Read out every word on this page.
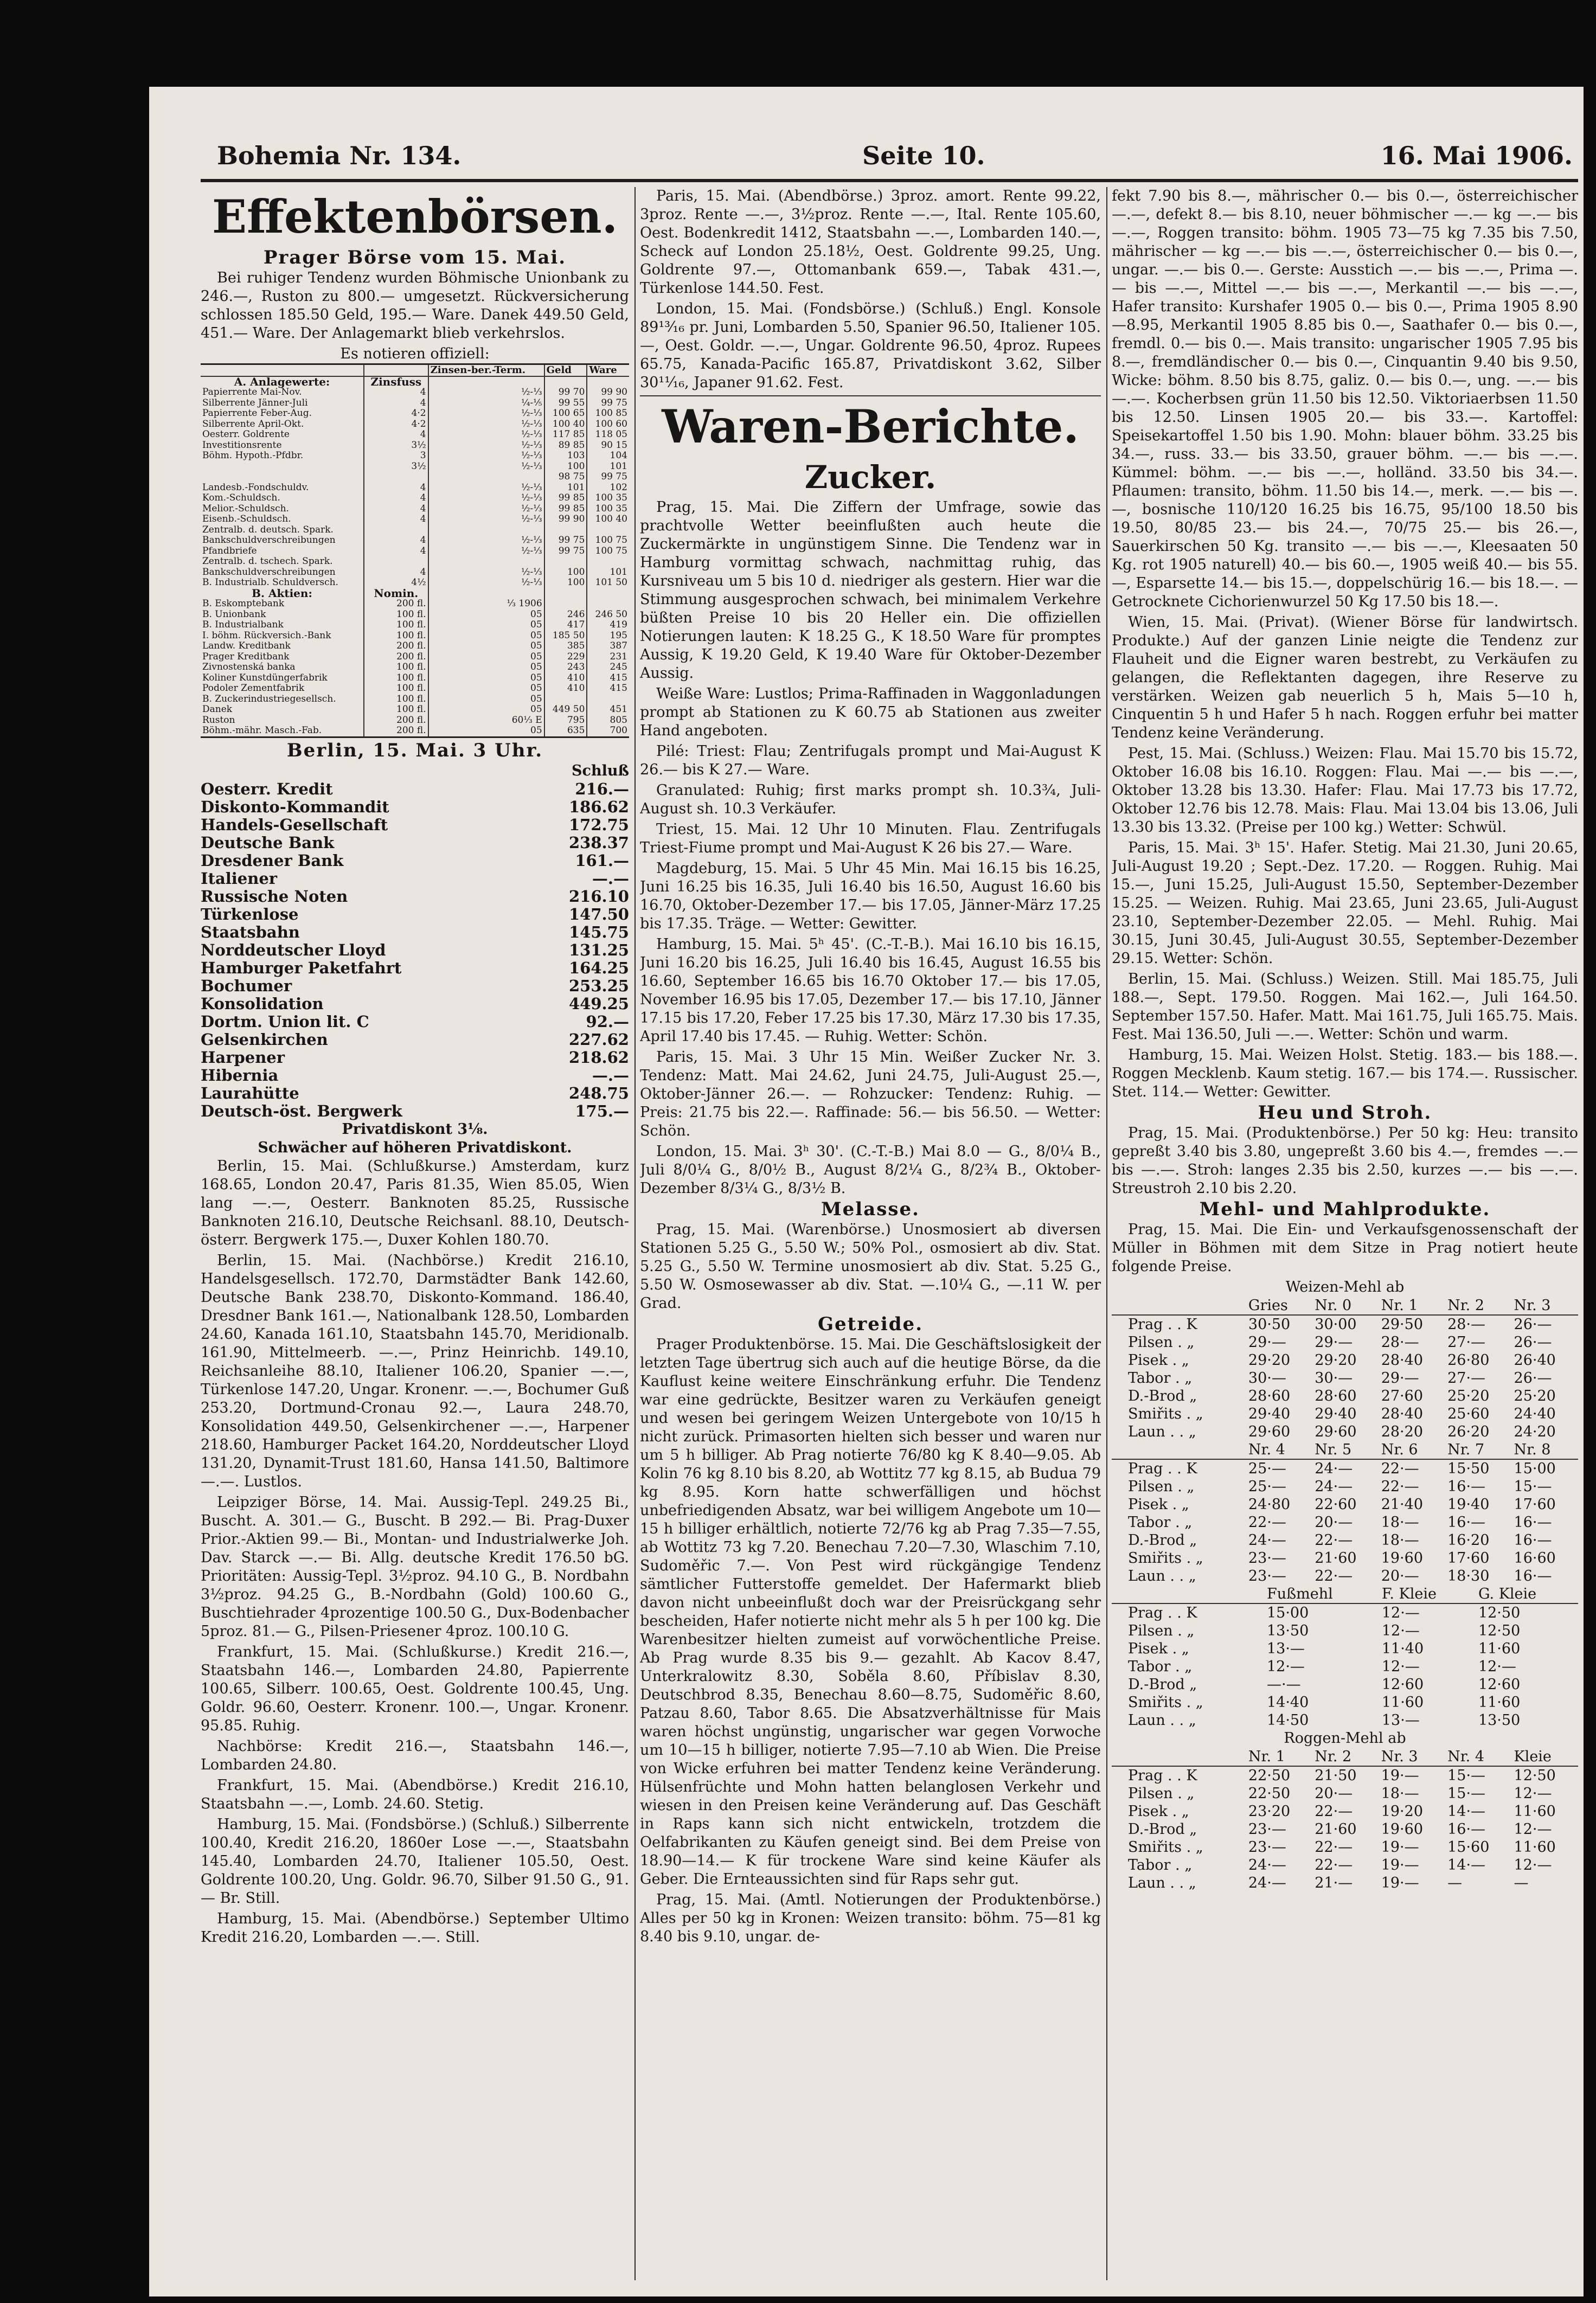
Bohemia Nr. 134.	Seite 10.	16. Mai 1906.
Effektenbörsen.
Prager Börse vom 15. Mai.

Bei ruhiger Tendenz wurden Böhmische Unionbank zu 246.—, Ruston zu 800.— umgesetzt. Rückversicherung schlossen 185.50 Geld, 195.— Ware. Danek 449.50 Geld, 451.— Ware. Der Anlagemarkt blieb verkehrslos.

Es notieren offiziell:
		Zinsen-ber.-Term.	Geld	Ware
A. Anlagewerte:	Zinsfuss			
Papierrente Mai-Nov.	4	½-⅓	99 70	99 90
Silberrente Jänner-Juli	4	¼-⅕	99 55	99 75
Papierrente Feber-Aug.	4·2	½-⅓	100 65	100 85
Silberrente April-Okt.	4·2	½-⅓	100 40	100 60
Oesterr. Goldrente	4	½-⅓	117 85	118 05
Investitionsrente	3½	½-⅓	89 85	90 15
Böhm. Hypoth.-Pfdbr.	3	½-⅓	103	104
	3½	½-⅓	100	101
			98 75	99 75
Landesb.-Fondschuldv.	4	½-⅓	101	102
Kom.-Schuldsch.	4	½-⅓	99 85	100 35
Melior.-Schuldsch.	4	½-⅓	99 85	100 35
Eisenb.-Schuldsch.	4	½-⅓	99 90	100 40
Zentralb. d. deutsch. Spark.				
Bankschuldverschreibungen	4	½-⅓	99 75	100 75
Pfandbriefe	4	½-⅓	99 75	100 75
Zentralb. d. tschech. Spark.				
Bankschuldverschreibungen	4	½-⅓	100	101
B. Industrialb. Schuldversch.	4½	½-⅓	100	101 50
B. Aktien:	Nomin.			
B. Eskomptebank	200 fl.	⅓ 1906		
B. Unionbank	100 fl.	05	246	246 50
B. Industrialbank	100 fl.	05	417	419
I. böhm. Rückversich.-Bank	100 fl.	05	185 50	195
Landw. Kreditbank	200 fl.	05	385	387
Prager Kreditbank	200 fl.	05	229	231
Zivnostenská banka	100 fl.	05	243	245
Koliner Kunstdüngerfabrik	100 fl.	05	410	415
Podoler Zementfabrik	100 fl.	05	410	415
B. Zuckerindustriegesellsch.	100 fl.	05		
Danek	100 fl.	05	449 50	451
Ruston	200 fl.	60⅓ E	795	805
Böhm.-mähr. Masch.-Fab.	200 fl.	05	635	700
Berlin, 15. Mai. 3 Uhr.
Schluß
Oesterr. Kredit	216.—
Diskonto-Kommandit	186.62
Handels-Gesellschaft	172.75
Deutsche Bank	238.37
Dresdener Bank	161.—
Italiener	—.—
Russische Noten	216.10
Türkenlose	147.50
Staatsbahn	145.75
Norddeutscher Lloyd	131.25
Hamburger Paketfahrt	164.25
Bochumer	253.25
Konsolidation	449.25
Dortm. Union lit. C	92.—
Gelsenkirchen	227.62
Harpener	218.62
Hibernia	—.—
Laurahütte	248.75
Deutsch-öst. Bergwerk	175.—
Privatdiskont 3⅛.
Schwächer auf höheren Privatdiskont.

Berlin, 15. Mai. (Schlußkurse.) Amsterdam, kurz 168.65, London 20.47, Paris 81.35, Wien 85.05, Wien lang —.—, Oesterr. Banknoten 85.25, Russische Banknoten 216.10, Deutsche Reichsanl. 88.10, Deutsch-österr. Bergwerk 175.—, Duxer Kohlen 180.70.

Berlin, 15. Mai. (Nachbörse.) Kredit 216.10, Handelsgesellsch. 172.70, Darmstädter Bank 142.60, Deutsche Bank 238.70, Diskonto-Kommand. 186.40, Dresdner Bank 161.—, Nationalbank 128.50, Lombarden 24.60, Kanada 161.10, Staatsbahn 145.70, Meridionalb. 161.90, Mittelmeerb. —.—, Prinz Heinrichb. 149.10, Reichsanleihe 88.10, Italiener 106.20, Spanier —.—, Türkenlose 147.20, Ungar. Kronenr. —.—, Bochumer Guß 253.20, Dortmund-Cronau 92.—, Laura 248.70, Konsolidation 449.50, Gelsenkirchener —.—, Harpener 218.60, Hamburger Packet 164.20, Norddeutscher Lloyd 131.20, Dynamit-Trust 181.60, Hansa 141.50, Baltimore —.—. Lustlos.

Leipziger Börse, 14. Mai. Aussig-Tepl. 249.25 Bi., Buscht. A. 301.— G., Buscht. B 292.— Bi. Prag-Duxer Prior.-Aktien 99.— Bi., Montan- und Industrialwerke Joh. Dav. Starck —.— Bi. Allg. deutsche Kredit 176.50 bG. Prioritäten: Aussig-Tepl. 3½proz. 94.10 G., B. Nordbahn 3½proz. 94.25 G., B.-Nordbahn (Gold) 100.60 G., Buschtiehrader 4prozentige 100.50 G., Dux-Bodenbacher 5proz. 81.— G., Pilsen-Priesener 4proz. 100.10 G.

Frankfurt, 15. Mai. (Schlußkurse.) Kredit 216.—, Staatsbahn 146.—, Lombarden 24.80, Papierrente 100.65, Silberr. 100.65, Oest. Goldrente 100.45, Ung. Goldr. 96.60, Oesterr. Kronenr. 100.—, Ungar. Kronenr. 95.85. Ruhig.

Nachbörse: Kredit 216.—, Staatsbahn 146.—, Lombarden 24.80.

Frankfurt, 15. Mai. (Abendbörse.) Kredit 216.10, Staatsbahn —.—, Lomb. 24.60. Stetig.

Hamburg, 15. Mai. (Fondsbörse.) (Schluß.) Silberrente 100.40, Kredit 216.20, 1860er Lose —.—, Staatsbahn 145.40, Lombarden 24.70, Italiener 105.50, Oest. Goldrente 100.20, Ung. Goldr. 96.70, Silber 91.50 G., 91.— Br. Still.

Hamburg, 15. Mai. (Abendbörse.) September Ultimo Kredit 216.20, Lombarden —.—. Still.

Paris, 15. Mai. (Abendbörse.) 3proz. amort. Rente 99.22, 3proz. Rente —.—, 3½proz. Rente —.—, Ital. Rente 105.60, Oest. Bodenkredit 1412, Staatsbahn —.—, Lombarden 140.—, Scheck auf London 25.18½, Oest. Goldrente 99.25, Ung. Goldrente 97.—, Ottomanbank 659.—, Tabak 431.—, Türkenlose 144.50. Fest.

London, 15. Mai. (Fondsbörse.) (Schluß.) Engl. Konsole 89¹³⁄₁₆ pr. Juni, Lombarden 5.50, Spanier 96.50, Italiener 105.—, Oest. Goldr. —.—, Ungar. Goldrente 96.50, 4proz. Rupees 65.75, Kanada-Pacific 165.87, Privatdiskont 3.62, Silber 30¹¹⁄₁₆, Japaner 91.62. Fest.

Waren-Berichte.
Zucker.

Prag, 15. Mai. Die Ziffern der Umfrage, sowie das prachtvolle Wetter beeinflußten auch heute die Zuckermärkte in ungünstigem Sinne. Die Tendenz war in Hamburg vormittag schwach, nachmittag ruhig, das Kursniveau um 5 bis 10 d. niedriger als gestern. Hier war die Stimmung ausgesprochen schwach, bei minimalem Verkehre büßten Preise 10 bis 20 Heller ein. Die offiziellen Notierungen lauten: K 18.25 G., K 18.50 Ware für promptes Aussig, K 19.20 Geld, K 19.40 Ware für Oktober-Dezember Aussig.

Weiße Ware: Lustlos; Prima-Raffinaden in Waggonladungen prompt ab Stationen zu K 60.75 ab Stationen aus zweiter Hand angeboten.

Pilé: Triest: Flau; Zentrifugals prompt und Mai-August K 26.— bis K 27.— Ware.

Granulated: Ruhig; first marks prompt sh. 10.3¾, Juli-August sh. 10.3 Verkäufer.

Triest, 15. Mai. 12 Uhr 10 Minuten. Flau. Zentrifugals Triest-Fiume prompt und Mai-August K 26 bis 27.— Ware.

Magdeburg, 15. Mai. 5 Uhr 45 Min. Mai 16.15 bis 16.25, Juni 16.25 bis 16.35, Juli 16.40 bis 16.50, August 16.60 bis 16.70, Oktober-Dezember 17.— bis 17.05, Jänner-März 17.25 bis 17.35. Träge. — Wetter: Gewitter.

Hamburg, 15. Mai. 5ʰ 45'. (C.-T.-B.). Mai 16.10 bis 16.15, Juni 16.20 bis 16.25, Juli 16.40 bis 16.45, August 16.55 bis 16.60, September 16.65 bis 16.70 Oktober 17.— bis 17.05, November 16.95 bis 17.05, Dezember 17.— bis 17.10, Jänner 17.15 bis 17.20, Feber 17.25 bis 17.30, März 17.30 bis 17.35, April 17.40 bis 17.45. — Ruhig. Wetter: Schön.

Paris, 15. Mai. 3 Uhr 15 Min. Weißer Zucker Nr. 3. Tendenz: Matt. Mai 24.62, Juni 24.75, Juli-August 25.—, Oktober-Jänner 26.—. — Rohzucker: Tendenz: Ruhig. — Preis: 21.75 bis 22.—. Raffinade: 56.— bis 56.50. — Wetter: Schön.

London, 15. Mai. 3ʰ 30'. (C.-T.-B.) Mai 8.0 — G., 8/0¼ B., Juli 8/0¼ G., 8/0½ B., August 8/2¼ G., 8/2¾ B., Oktober-Dezember 8/3¼ G., 8/3½ B.

Melasse.

Prag, 15. Mai. (Warenbörse.) Unosmosiert ab diversen Stationen 5.25 G., 5.50 W.; 50% Pol., osmosiert ab div. Stat. 5.25 G., 5.50 W. Termine unosmosiert ab div. Stat. 5.25 G., 5.50 W. Osmosewasser ab div. Stat. —.10¼ G., —.11 W. per Grad.

Getreide.

Prager Produktenbörse. 15. Mai. Die Geschäftslosigkeit der letzten Tage übertrug sich auch auf die heutige Börse, da die Kauflust keine weitere Einschränkung erfuhr. Die Tendenz war eine gedrückte, Besitzer waren zu Verkäufen geneigt und wesen bei geringem Weizen Untergebote von 10/15 h nicht zurück. Primasorten hielten sich besser und waren nur um 5 h billiger. Ab Prag notierte 76/80 kg K 8.40—9.05. Ab Kolin 76 kg 8.10 bis 8.20, ab Wottitz 77 kg 8.15, ab Budua 79 kg 8.95. Korn hatte schwerfälligen und höchst unbefriedigenden Absatz, war bei willigem Angebote um 10—15 h billiger erhältlich, notierte 72/76 kg ab Prag 7.35—7.55, ab Wottitz 73 kg 7.20. Benechau 7.20—7.30, Wlaschim 7.10, Sudoměřic 7.—. Von Pest wird rückgängige Tendenz sämtlicher Futterstoffe gemeldet. Der Hafermarkt blieb davon nicht unbeeinflußt doch war der Preisrückgang sehr bescheiden, Hafer notierte nicht mehr als 5 h per 100 kg. Die Warenbesitzer hielten zumeist auf vorwöchentliche Preise. Ab Prag wurde 8.35 bis 9.— gezahlt. Ab Kacov 8.47, Unterkralowitz 8.30, Soběla 8.60, Příbislav 8.30, Deutschbrod 8.35, Benechau 8.60—8.75, Sudoměřic 8.60, Patzau 8.60, Tabor 8.65. Die Absatzverhältnisse für Mais waren höchst ungünstig, ungarischer war gegen Vorwoche um 10—15 h billiger, notierte 7.95—7.10 ab Wien. Die Preise von Wicke erfuhren bei matter Tendenz keine Veränderung. Hülsenfrüchte und Mohn hatten belanglosen Verkehr und wiesen in den Preisen keine Veränderung auf. Das Geschäft in Raps kann sich nicht entwickeln, trotzdem die Oelfabrikanten zu Käufen geneigt sind. Bei dem Preise von 18.90—14.— K für trockene Ware sind keine Käufer als Geber. Die Ernteaussichten sind für Raps sehr gut.

Prag, 15. Mai. (Amtl. Notierungen der Produktenbörse.) Alles per 50 kg in Kronen: Weizen transito: böhm. 75—81 kg 8.40 bis 9.10, ungar. de-

fekt 7.90 bis 8.—, mährischer 0.— bis 0.—, österreichischer —.—, defekt 8.— bis 8.10, neuer böhmischer —.— kg —.— bis —.—, Roggen transito: böhm. 1905 73—75 kg 7.35 bis 7.50, mährischer — kg —.— bis —.—, österreichischer 0.— bis 0.—, ungar. —.— bis 0.—. Gerste: Ausstich —.— bis —.—, Prima —.— bis —.—, Mittel —.— bis —.—, Merkantil —.— bis —.—, Hafer transito: Kurshafer 1905 0.— bis 0.—, Prima 1905 8.90—8.95, Merkantil 1905 8.85 bis 0.—, Saathafer 0.— bis 0.—, fremdl. 0.— bis 0.—. Mais transito: ungarischer 1905 7.95 bis 8.—, fremdländischer 0.— bis 0.—, Cinquantin 9.40 bis 9.50, Wicke: böhm. 8.50 bis 8.75, galiz. 0.— bis 0.—, ung. —.— bis —.—. Kocherbsen grün 11.50 bis 12.50. Viktoriaerbsen 11.50 bis 12.50. Linsen 1905 20.— bis 33.—. Kartoffel: Speisekartoffel 1.50 bis 1.90. Mohn: blauer böhm. 33.25 bis 34.—, russ. 33.— bis 33.50, grauer böhm. —.— bis —.—. Kümmel: böhm. —.— bis —.—, holländ. 33.50 bis 34.—. Pflaumen: transito, böhm. 11.50 bis 14.—, merk. —.— bis —.—, bosnische 110/120 16.25 bis 16.75, 95/100 18.50 bis 19.50, 80/85 23.— bis 24.—, 70/75 25.— bis 26.—, Sauerkirschen 50 Kg. transito —.— bis —.—, Kleesaaten 50 Kg. rot 1905 naturell) 40.— bis 60.—, 1905 weiß 40.— bis 55.—, Esparsette 14.— bis 15.—, doppelschürig 16.— bis 18.—. — Getrocknete Cichorienwurzel 50 Kg 17.50 bis 18.—.

Wien, 15. Mai. (Privat). (Wiener Börse für landwirtsch. Produkte.) Auf der ganzen Linie neigte die Tendenz zur Flauheit und die Eigner waren bestrebt, zu Verkäufen zu gelangen, die Reflektanten dagegen, ihre Reserve zu verstärken. Weizen gab neuerlich 5 h, Mais 5—10 h, Cinquentin 5 h und Hafer 5 h nach. Roggen erfuhr bei matter Tendenz keine Veränderung.

Pest, 15. Mai. (Schluss.) Weizen: Flau. Mai 15.70 bis 15.72, Oktober 16.08 bis 16.10. Roggen: Flau. Mai —.— bis —.—, Oktober 13.28 bis 13.30. Hafer: Flau. Mai 17.73 bis 17.72, Oktober 12.76 bis 12.78. Mais: Flau. Mai 13.04 bis 13.06, Juli 13.30 bis 13.32. (Preise per 100 kg.) Wetter: Schwül.

Paris, 15. Mai. 3ʰ 15'. Hafer. Stetig. Mai 21.30, Juni 20.65, Juli-August 19.20 ; Sept.-Dez. 17.20. — Roggen. Ruhig. Mai 15.—, Juni 15.25, Juli-August 15.50, September-Dezember 15.25. — Weizen. Ruhig. Mai 23.65, Juni 23.65, Juli-August 23.10, September-Dezember 22.05. — Mehl. Ruhig. Mai 30.15, Juni 30.45, Juli-August 30.55, September-Dezember 29.15. Wetter: Schön.

Berlin, 15. Mai. (Schluss.) Weizen. Still. Mai 185.75, Juli 188.—, Sept. 179.50. Roggen. Mai 162.—, Juli 164.50. September 157.50. Hafer. Matt. Mai 161.75, Juli 165.75. Mais. Fest. Mai 136.50, Juli —.—. Wetter: Schön und warm.

Hamburg, 15. Mai. Weizen Holst. Stetig. 183.— bis 188.—. Roggen Mecklenb. Kaum stetig. 167.— bis 174.—. Russischer. Stet. 114.— Wetter: Gewitter.

Heu und Stroh.

Prag, 15. Mai. (Produktenbörse.) Per 50 kg: Heu: transito gepreßt 3.40 bis 3.80, ungepreßt 3.60 bis 4.—, fremdes —.— bis —.—. Stroh: langes 2.35 bis 2.50, kurzes —.— bis —.—. Streustroh 2.10 bis 2.20.

Mehl- und Mahlprodukte.

Prag, 15. Mai. Die Ein- und Verkaufsgenossenschaft der Müller in Böhmen mit dem Sitze in Prag notiert heute folgende Preise.

Weizen-Mehl ab
	Gries	Nr. 0	Nr. 1	Nr. 2	Nr. 3
Prag . . K	30·50	30·00	29·50	28·—	26·—
Pilsen . „	29·—	29·—	28·—	27·—	26·—
Pisek . „	29·20	29·20	28·40	26·80	26·40
Tabor . „	30·—	30·—	29·—	27·—	26·—
D.-Brod „	28·60	28·60	27·60	25·20	25·20
Smiřits . „	29·40	29·40	28·40	25·60	24·40
Laun . . „	29·60	29·60	28·20	26·20	24·20
	Nr. 4	Nr. 5	Nr. 6	Nr. 7	Nr. 8
Prag . . K	25·—	24·—	22·—	15·50	15·00
Pilsen . „	25·—	24·—	22·—	16·—	15·—
Pisek . „	24·80	22·60	21·40	19·40	17·60
Tabor . „	22·—	20·—	18·—	16·—	16·—
D.-Brod „	24·—	22·—	18·—	16·20	16·—
Smiřits . „	23·—	21·60	19·60	17·60	16·60
Laun . . „	23·—	22·—	20·—	18·30	16·—
	Fußmehl	F. Kleie	G. Kleie
Prag . . K	15·00	12·—	12·50
Pilsen . „	13·50	12·—	12·50
Pisek . „	13·—	11·40	11·60
Tabor . „	12·—	12·—	12·—
D.-Brod „	—·—	12·60	12·60
Smiřits . „	14·40	11·60	11·60
Laun . . „	14·50	13·—	13·50
Roggen-Mehl ab
	Nr. 1	Nr. 2	Nr. 3	Nr. 4	Kleie
Prag . . K	22·50	21·50	19·—	15·—	12·50
Pilsen . „	22·50	20·—	18·—	15·—	12·—
Pisek . „	23·20	22·—	19·20	14·—	11·60
D.-Brod „	23·—	21·60	19·60	16·—	12·—
Smiřits . „	23·—	22·—	19·—	15·60	11·60
Tabor . „	24·—	22·—	19·—	14·—	12·—
Laun . . „	24·—	21·—	19·—	—	—
